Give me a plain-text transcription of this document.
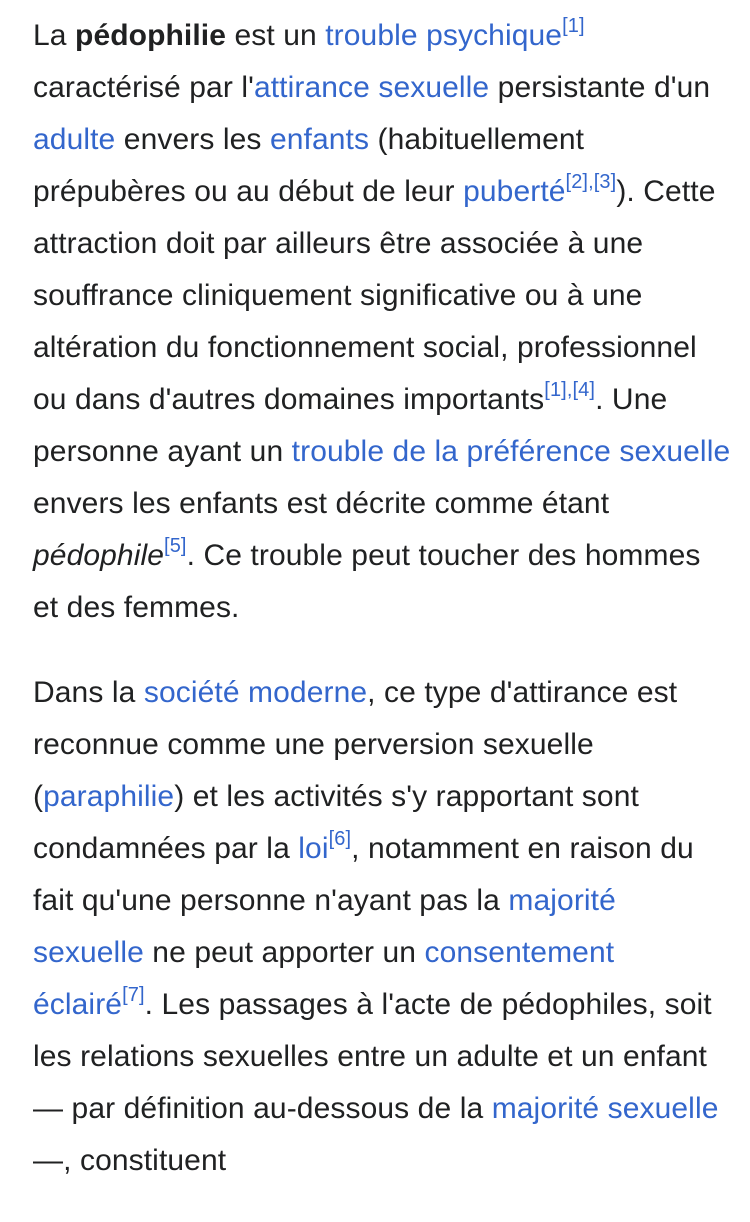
La pédophilie est un trouble psychique[1] caractérisé par l'attirance sexuelle persistante d'un adulte envers les enfants (habituellement prépubères ou au début de leur puberté[2],[3]). Cette attraction doit par ailleurs être associée à une souffrance cliniquement significative ou à une altération du fonctionnement social, professionnel ou dans d'autres domaines importants[1],[4]. Une personne ayant un trouble de la préférence sexuelle envers les enfants est décrite comme étant pédophile[5]. Ce trouble peut toucher des hommes et des femmes.

Dans la société moderne, ce type d'attirance est reconnue comme une perversion sexuelle (paraphilie) et les activités s'y rapportant sont condamnées par la loi[6], notamment en raison du fait qu'une personne n'ayant pas la majorité sexuelle ne peut apporter un consentement éclairé[7]. Les passages à l'acte de pédophiles, soit les relations sexuelles entre un adulte et un enfant — par définition au-dessous de la majorité sexuelle —, constituent
